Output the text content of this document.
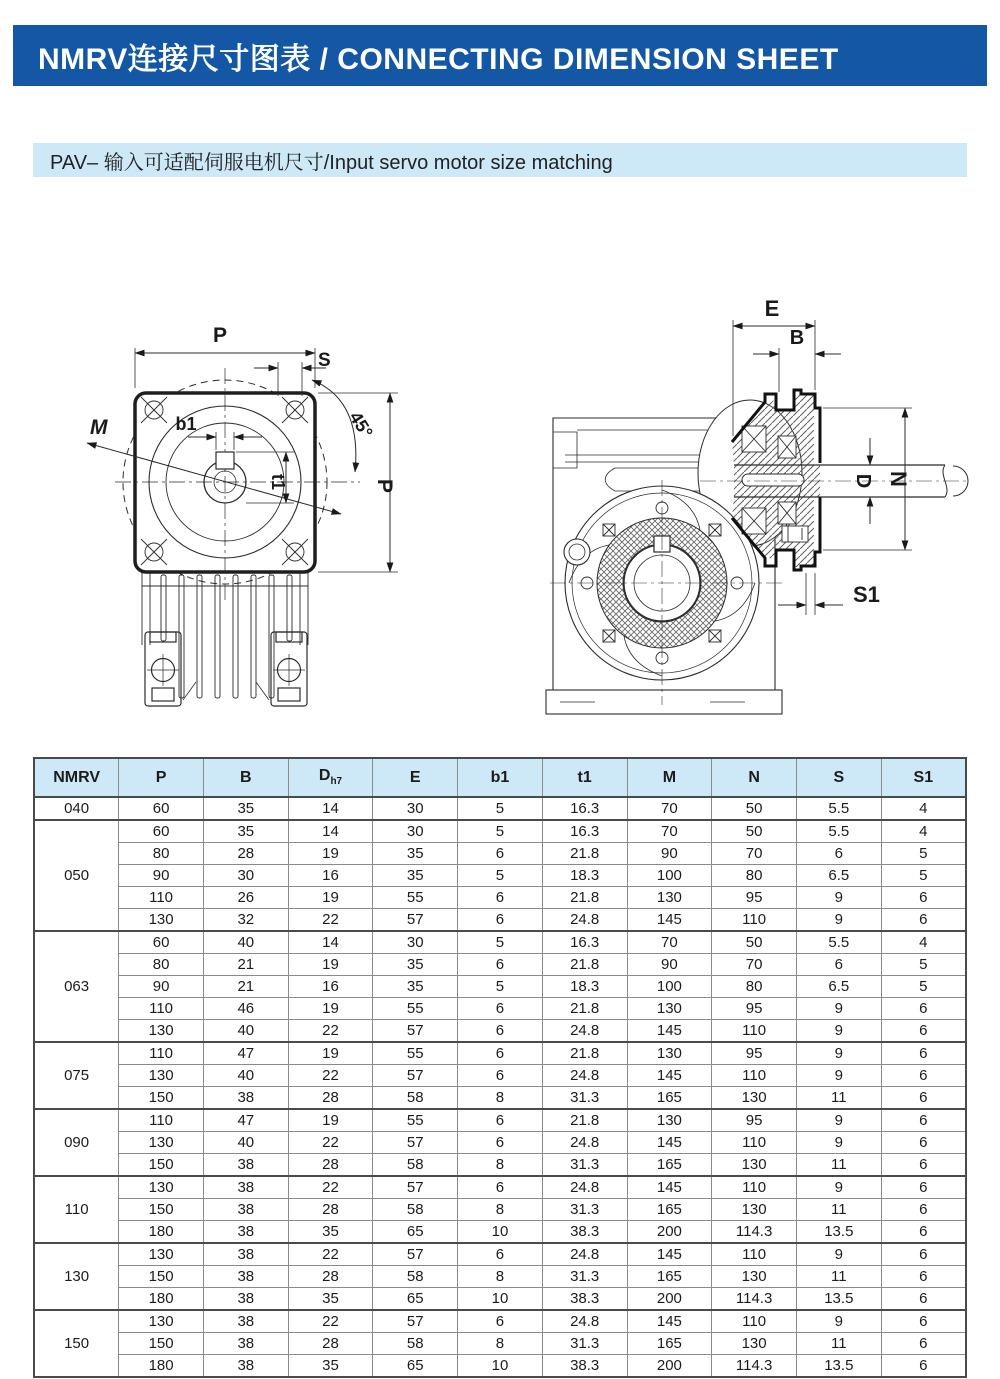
NMRV连接尺寸图表 / CONNECTING DIMENSION SHEET
PAV– 输入可适配伺服电机尺寸/Input servo motor size matching
P
S
45°
M	b1
t1	P
E
B
D N
S1
NMRV	P	B	$D_{h7}$	E	b1	t1	M	N	S	S1
040	60	35	14	30	5	16.3	70	50	5.5	4
050	60	35	14	30	5	16.3	70	50	5.5	4
	80	28	19	35	6	21.8	90	70	6	5
	90	30	16	35	5	18.3	100	80	6.5	5
	110	26	19	55	6	21.8	130	95	9	6
	130	32	22	57	6	24.8	145	110	9	6
063	60	40	14	30	5	16.3	70	50	5.5	4
	80	21	19	35	6	21.8	90	70	6	5
	90	21	16	35	5	18.3	100	80	6.5	5
	110	46	19	55	6	21.8	130	95	9	6
	130	40	22	57	6	24.8	145	110	9	6
075	110	47	19	55	6	21.8	130	95	9	6
	130	40	22	57	6	24.8	145	110	9	6
	150	38	28	58	8	31.3	165	130	11	6
090	110	47	19	55	6	21.8	130	95	9	6
	130	40	22	57	6	24.8	145	110	9	6
	150	38	28	58	8	31.3	165	130	11	6
110	130	38	22	57	6	24.8	145	110	9	6
	150	38	28	58	8	31.3	165	130	11	6
	180	38	35	65	10	38.3	200	114.3	13.5	6
130	130	38	22	57	6	24.8	145	110	9	6
	150	38	28	58	8	31.3	165	130	11	6
	180	38	35	65	10	38.3	200	114.3	13.5	6
150	130	38	22	57	6	24.8	145	110	9	6
	150	38	28	58	8	31.3	165	130	11	6
	180	38	35	65	10	38.3	200	114.3	13.5	6
